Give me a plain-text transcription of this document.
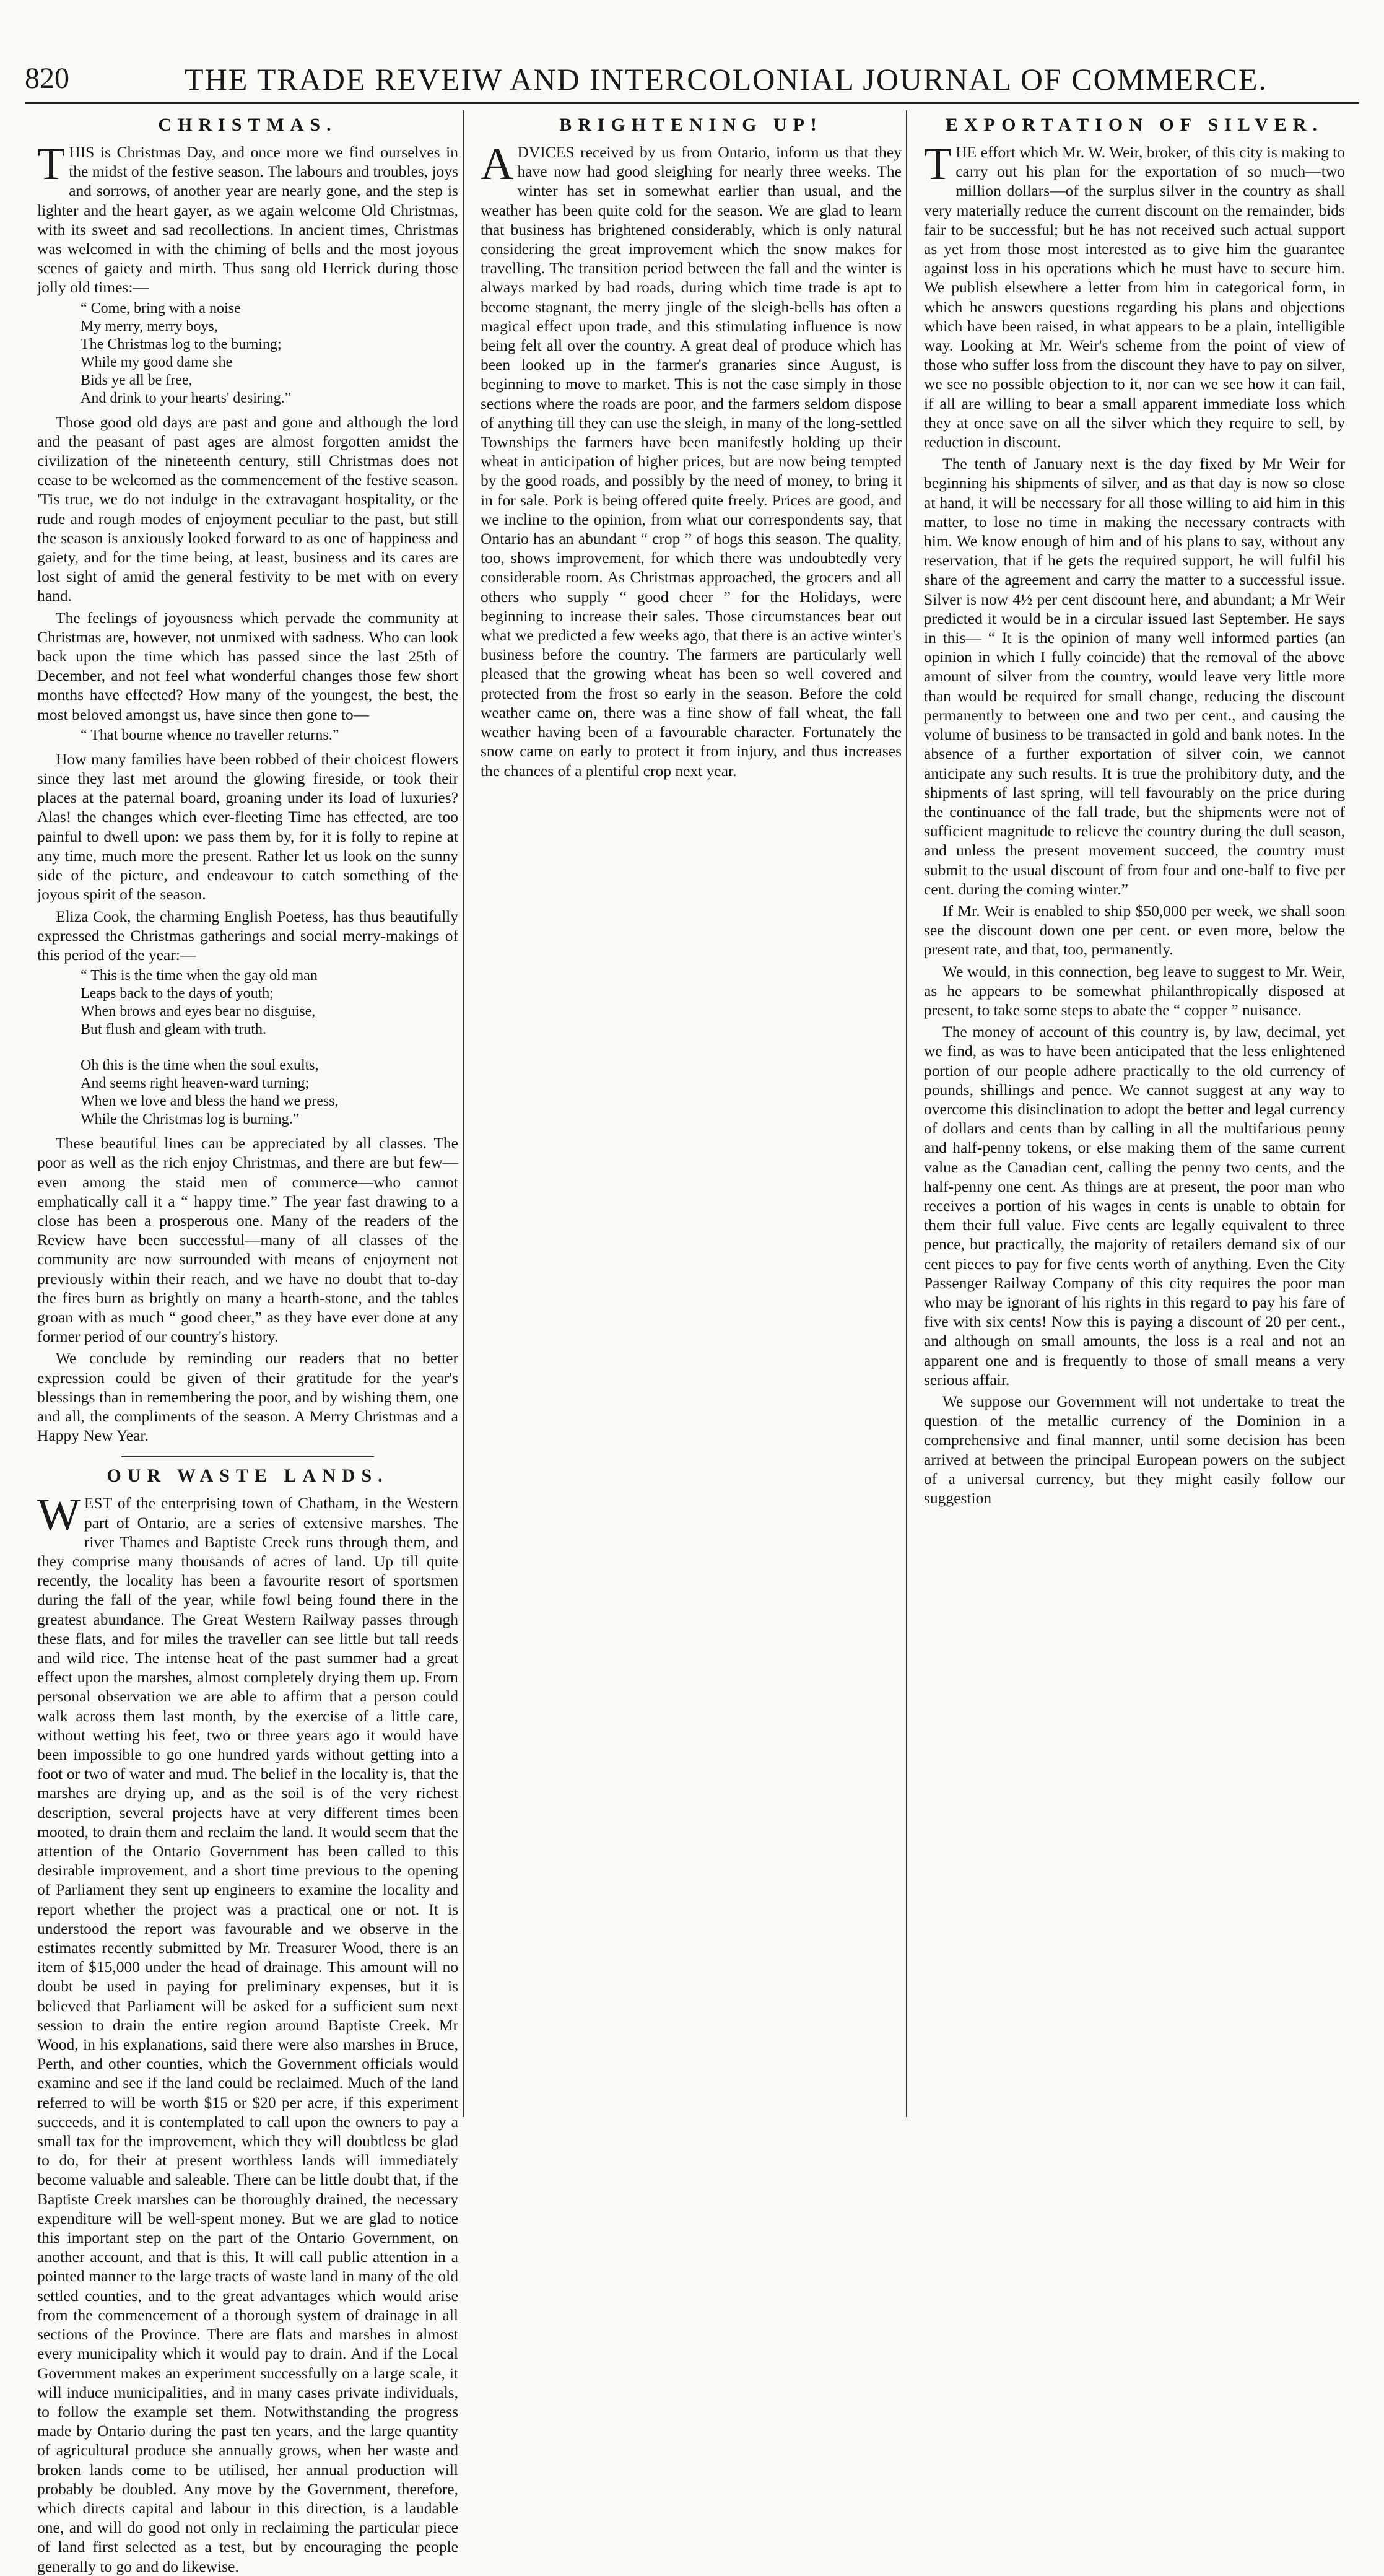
820	THE TRADE REVEIW AND INTERCOLONIAL JOURNAL OF COMMERCE.
CHRISTMAS.

THIS is Christmas Day, and once more we find ourselves in the midst of the festive season. The labours and troubles, joys and sorrows, of another year are nearly gone, and the step is lighter and the heart gayer, as we again welcome Old Christmas, with its sweet and sad recollections. In ancient times, Christmas was welcomed in with the chiming of bells and the most joyous scenes of gaiety and mirth. Thus sang old Herrick during those jolly old times:—

“ Come, bring with a noise
My merry, merry boys,
The Christmas log to the burning;
While my good dame she
Bids ye all be free,
And drink to your hearts' desiring.”

Those good old days are past and gone and although the lord and the peasant of past ages are almost forgotten amidst the civilization of the nineteenth century, still Christmas does not cease to be welcomed as the commencement of the festive season. 'Tis true, we do not indulge in the extravagant hospitality, or the rude and rough modes of enjoyment peculiar to the past, but still the season is anxiously looked forward to as one of happiness and gaiety, and for the time being, at least, business and its cares are lost sight of amid the general festivity to be met with on every hand.

The feelings of joyousness which pervade the community at Christmas are, however, not unmixed with sadness. Who can look back upon the time which has passed since the last 25th of December, and not feel what wonderful changes those few short months have effected? How many of the youngest, the best, the most beloved amongst us, have since then gone to—

“ That bourne whence no traveller returns.”

How many families have been robbed of their choicest flowers since they last met around the glowing fireside, or took their places at the paternal board, groaning under its load of luxuries? Alas! the changes which ever-fleeting Time has effected, are too painful to dwell upon: we pass them by, for it is folly to repine at any time, much more the present. Rather let us look on the sunny side of the picture, and endeavour to catch something of the joyous spirit of the season.

Eliza Cook, the charming English Poetess, has thus beautifully expressed the Christmas gatherings and social merry-makings of this period of the year:—

“ This is the time when the gay old man
Leaps back to the days of youth;
When brows and eyes bear no disguise,
But flush and gleam with truth.

Oh this is the time when the soul exults,
And seems right heaven-ward turning;
When we love and bless the hand we press,
While the Christmas log is burning.”

These beautiful lines can be appreciated by all classes. The poor as well as the rich enjoy Christmas, and there are but few—even among the staid men of commerce—who cannot emphatically call it a “ happy time.” The year fast drawing to a close has been a prosperous one. Many of the readers of the Review have been successful—many of all classes of the community are now surrounded with means of enjoyment not previously within their reach, and we have no doubt that to-day the fires burn as brightly on many a hearth-stone, and the tables groan with as much “ good cheer,” as they have ever done at any former period of our country's history.

We conclude by reminding our readers that no better expression could be given of their gratitude for the year's blessings than in remembering the poor, and by wishing them, one and all, the compliments of the season. A Merry Christmas and a Happy New Year.

OUR WASTE LANDS.

WEST of the enterprising town of Chatham, in the Western part of Ontario, are a series of extensive marshes. The river Thames and Baptiste Creek runs through them, and they comprise many thousands of acres of land. Up till quite recently, the locality has been a favourite resort of sportsmen during the fall of the year, while fowl being found there in the greatest abundance. The Great Western Railway passes through these flats, and for miles the traveller can see little but tall reeds and wild rice. The intense heat of the past summer had a great effect upon the marshes, almost completely drying them up. From personal observation we are able to affirm that a person could walk across them last month, by the exercise of a little care, without wetting his feet, two or three years ago it would have been impossible to go one hundred yards without getting into a foot or two of water and mud. The belief in the locality is, that the marshes are drying up, and as the soil is of the very richest description, several projects have at very different times been mooted, to drain them and reclaim the land. It would seem that the attention of the Ontario Government has been called to this desirable improvement, and a short time previous to the opening of Parliament they sent up engineers to examine the locality and report whether the project was a practical one or not. It is understood the report was favourable and we observe in the estimates recently submitted by Mr. Treasurer Wood, there is an item of $15,000 under the head of drainage. This amount will no doubt be used in paying for preliminary expenses, but it is believed that Parliament will be asked for a sufficient sum next session to drain the entire region around Baptiste Creek. Mr Wood, in his explanations, said there were also marshes in Bruce, Perth, and other counties, which the Government officials would examine and see if the land could be reclaimed. Much of the land referred to will be worth $15 or $20 per acre, if this experiment succeeds, and it is contemplated to call upon the owners to pay a small tax for the improvement, which they will doubtless be glad to do, for their at present worthless lands will immediately become valuable and saleable. There can be little doubt that, if the Baptiste Creek marshes can be thoroughly drained, the necessary expenditure will be well-spent money. But we are glad to notice this important step on the part of the Ontario Government, on another account, and that is this. It will call public attention in a pointed manner to the large tracts of waste land in many of the old settled counties, and to the great advantages which would arise from the commencement of a thorough system of drainage in all sections of the Province. There are flats and marshes in almost every municipality which it would pay to drain. And if the Local Government makes an experiment successfully on a large scale, it will induce municipalities, and in many cases private individuals, to follow the example set them. Notwithstanding the progress made by Ontario during the past ten years, and the large quantity of agricultural produce she annually grows, when her waste and broken lands come to be utilised, her annual production will probably be doubled. Any move by the Government, therefore, which directs capital and labour in this direction, is a laudable one, and will do good not only in reclaiming the particular piece of land first selected as a test, but by encouraging the people generally to go and do likewise.

BRIGHTENING UP!

ADVICES received by us from Ontario, inform us that they have now had good sleighing for nearly three weeks. The winter has set in somewhat earlier than usual, and the weather has been quite cold for the season. We are glad to learn that business has brightened considerably, which is only natural considering the great improvement which the snow makes for travelling. The transition period between the fall and the winter is always marked by bad roads, during which time trade is apt to become stagnant, the merry jingle of the sleigh-bells has often a magical effect upon trade, and this stimulating influence is now being felt all over the country. A great deal of produce which has been looked up in the farmer's granaries since August, is beginning to move to market. This is not the case simply in those sections where the roads are poor, and the farmers seldom dispose of anything till they can use the sleigh, in many of the long-settled Townships the farmers have been manifestly holding up their wheat in anticipation of higher prices, but are now being tempted by the good roads, and possibly by the need of money, to bring it in for sale. Pork is being offered quite freely. Prices are good, and we incline to the opinion, from what our correspondents say, that Ontario has an abundant “ crop ” of hogs this season. The quality, too, shows improvement, for which there was undoubtedly very considerable room. As Christmas approached, the grocers and all others who supply “ good cheer ” for the Holidays, were beginning to increase their sales. Those circumstances bear out what we predicted a few weeks ago, that there is an active winter's business before the country. The farmers are particularly well pleased that the growing wheat has been so well covered and protected from the frost so early in the season. Before the cold weather came on, there was a fine show of fall wheat, the fall weather having been of a favourable character. Fortunately the snow came on early to protect it from injury, and thus increases the chances of a plentiful crop next year.

EXPORTATION OF SILVER.

THE effort which Mr. W. Weir, broker, of this city is making to carry out his plan for the exportation of so much—two million dollars—of the surplus silver in the country as shall very materially reduce the current discount on the remainder, bids fair to be successful; but he has not received such actual support as yet from those most interested as to give him the guarantee against loss in his operations which he must have to secure him. We publish elsewhere a letter from him in categorical form, in which he answers questions regarding his plans and objections which have been raised, in what appears to be a plain, intelligible way. Looking at Mr. Weir's scheme from the point of view of those who suffer loss from the discount they have to pay on silver, we see no possible objection to it, nor can we see how it can fail, if all are willing to bear a small apparent immediate loss which they at once save on all the silver which they require to sell, by reduction in discount.

The tenth of January next is the day fixed by Mr Weir for beginning his shipments of silver, and as that day is now so close at hand, it will be necessary for all those willing to aid him in this matter, to lose no time in making the necessary contracts with him. We know enough of him and of his plans to say, without any reservation, that if he gets the required support, he will fulfil his share of the agreement and carry the matter to a successful issue. Silver is now 4½ per cent discount here, and abundant; a Mr Weir predicted it would be in a circular issued last September. He says in this— “ It is the opinion of many well informed parties (an opinion in which I fully coincide) that the removal of the above amount of silver from the country, would leave very little more than would be required for small change, reducing the discount permanently to between one and two per cent., and causing the volume of business to be transacted in gold and bank notes. In the absence of a further exportation of silver coin, we cannot anticipate any such results. It is true the prohibitory duty, and the shipments of last spring, will tell favourably on the price during the continuance of the fall trade, but the shipments were not of sufficient magnitude to relieve the country during the dull season, and unless the present movement succeed, the country must submit to the usual discount of from four and one-half to five per cent. during the coming winter.”

If Mr. Weir is enabled to ship $50,000 per week, we shall soon see the discount down one per cent. or even more, below the present rate, and that, too, permanently.

We would, in this connection, beg leave to suggest to Mr. Weir, as he appears to be somewhat philanthropically disposed at present, to take some steps to abate the “ copper ” nuisance.

The money of account of this country is, by law, decimal, yet we find, as was to have been anticipated that the less enlightened portion of our people adhere practically to the old currency of pounds, shillings and pence. We cannot suggest at any way to overcome this disinclination to adopt the better and legal currency of dollars and cents than by calling in all the multifarious penny and half-penny tokens, or else making them of the same current value as the Canadian cent, calling the penny two cents, and the half-penny one cent. As things are at present, the poor man who receives a portion of his wages in cents is unable to obtain for them their full value. Five cents are legally equivalent to three pence, but practically, the majority of retailers demand six of our cent pieces to pay for five cents worth of anything. Even the City Passenger Railway Company of this city requires the poor man who may be ignorant of his rights in this regard to pay his fare of five with six cents! Now this is paying a discount of 20 per cent., and although on small amounts, the loss is a real and not an apparent one and is frequently to those of small means a very serious affair.

We suppose our Government will not undertake to treat the question of the metallic currency of the Dominion in a comprehensive and final manner, until some decision has been arrived at between the principal European powers on the subject of a universal currency, but they might easily follow our suggestion
